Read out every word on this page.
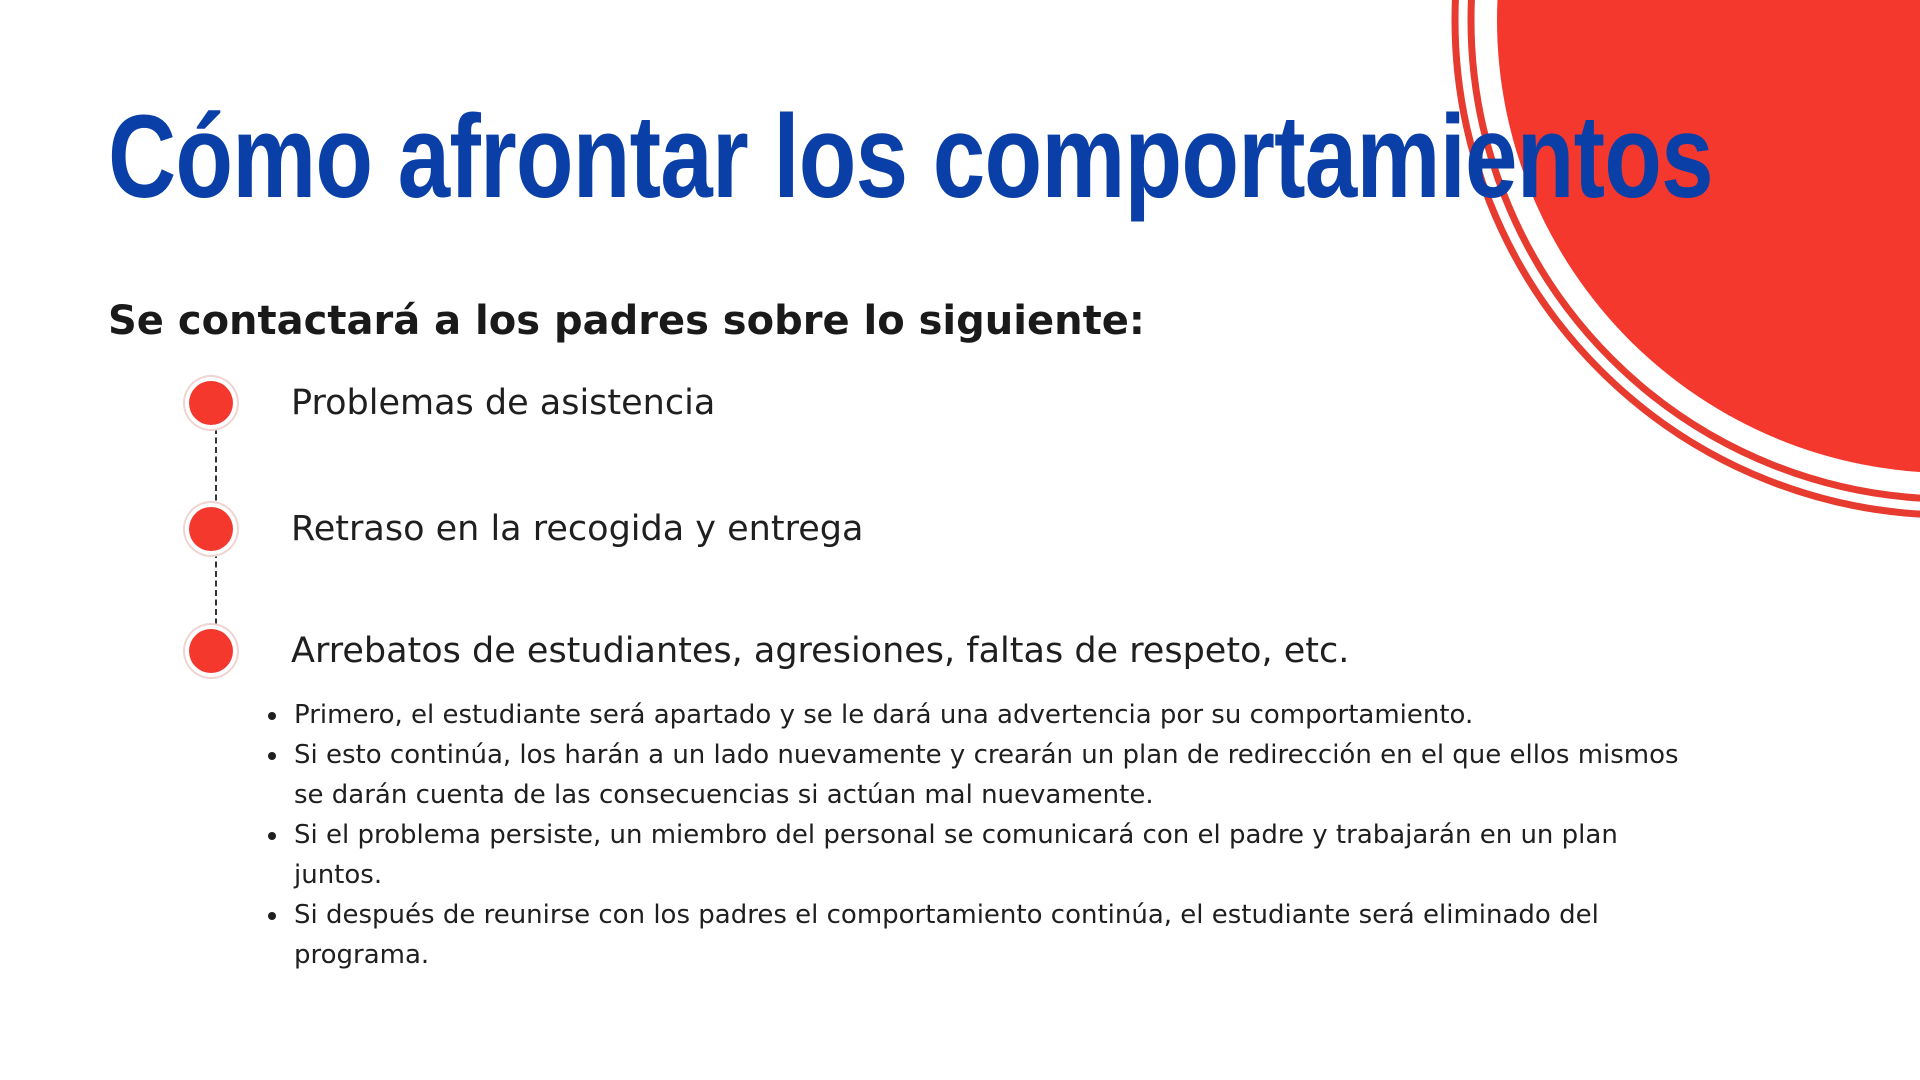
Cómo afrontar los comportamientos
Se contactará a los padres sobre lo siguiente:
Problemas de asistencia
Retraso en la recogida y entrega
Arrebatos de estudiantes, agresiones, faltas de respeto, etc.
Primero, el estudiante será apartado y se le dará una advertencia por su comportamiento.
Si esto continúa, los harán a un lado nuevamente y crearán un plan de redirección en el que ellos mismos se darán cuenta de las consecuencias si actúan mal nuevamente.
Si el problema persiste, un miembro del personal se comunicará con el padre y trabajarán en un plan juntos.
Si después de reunirse con los padres el comportamiento continúa, el estudiante será eliminado del programa.
